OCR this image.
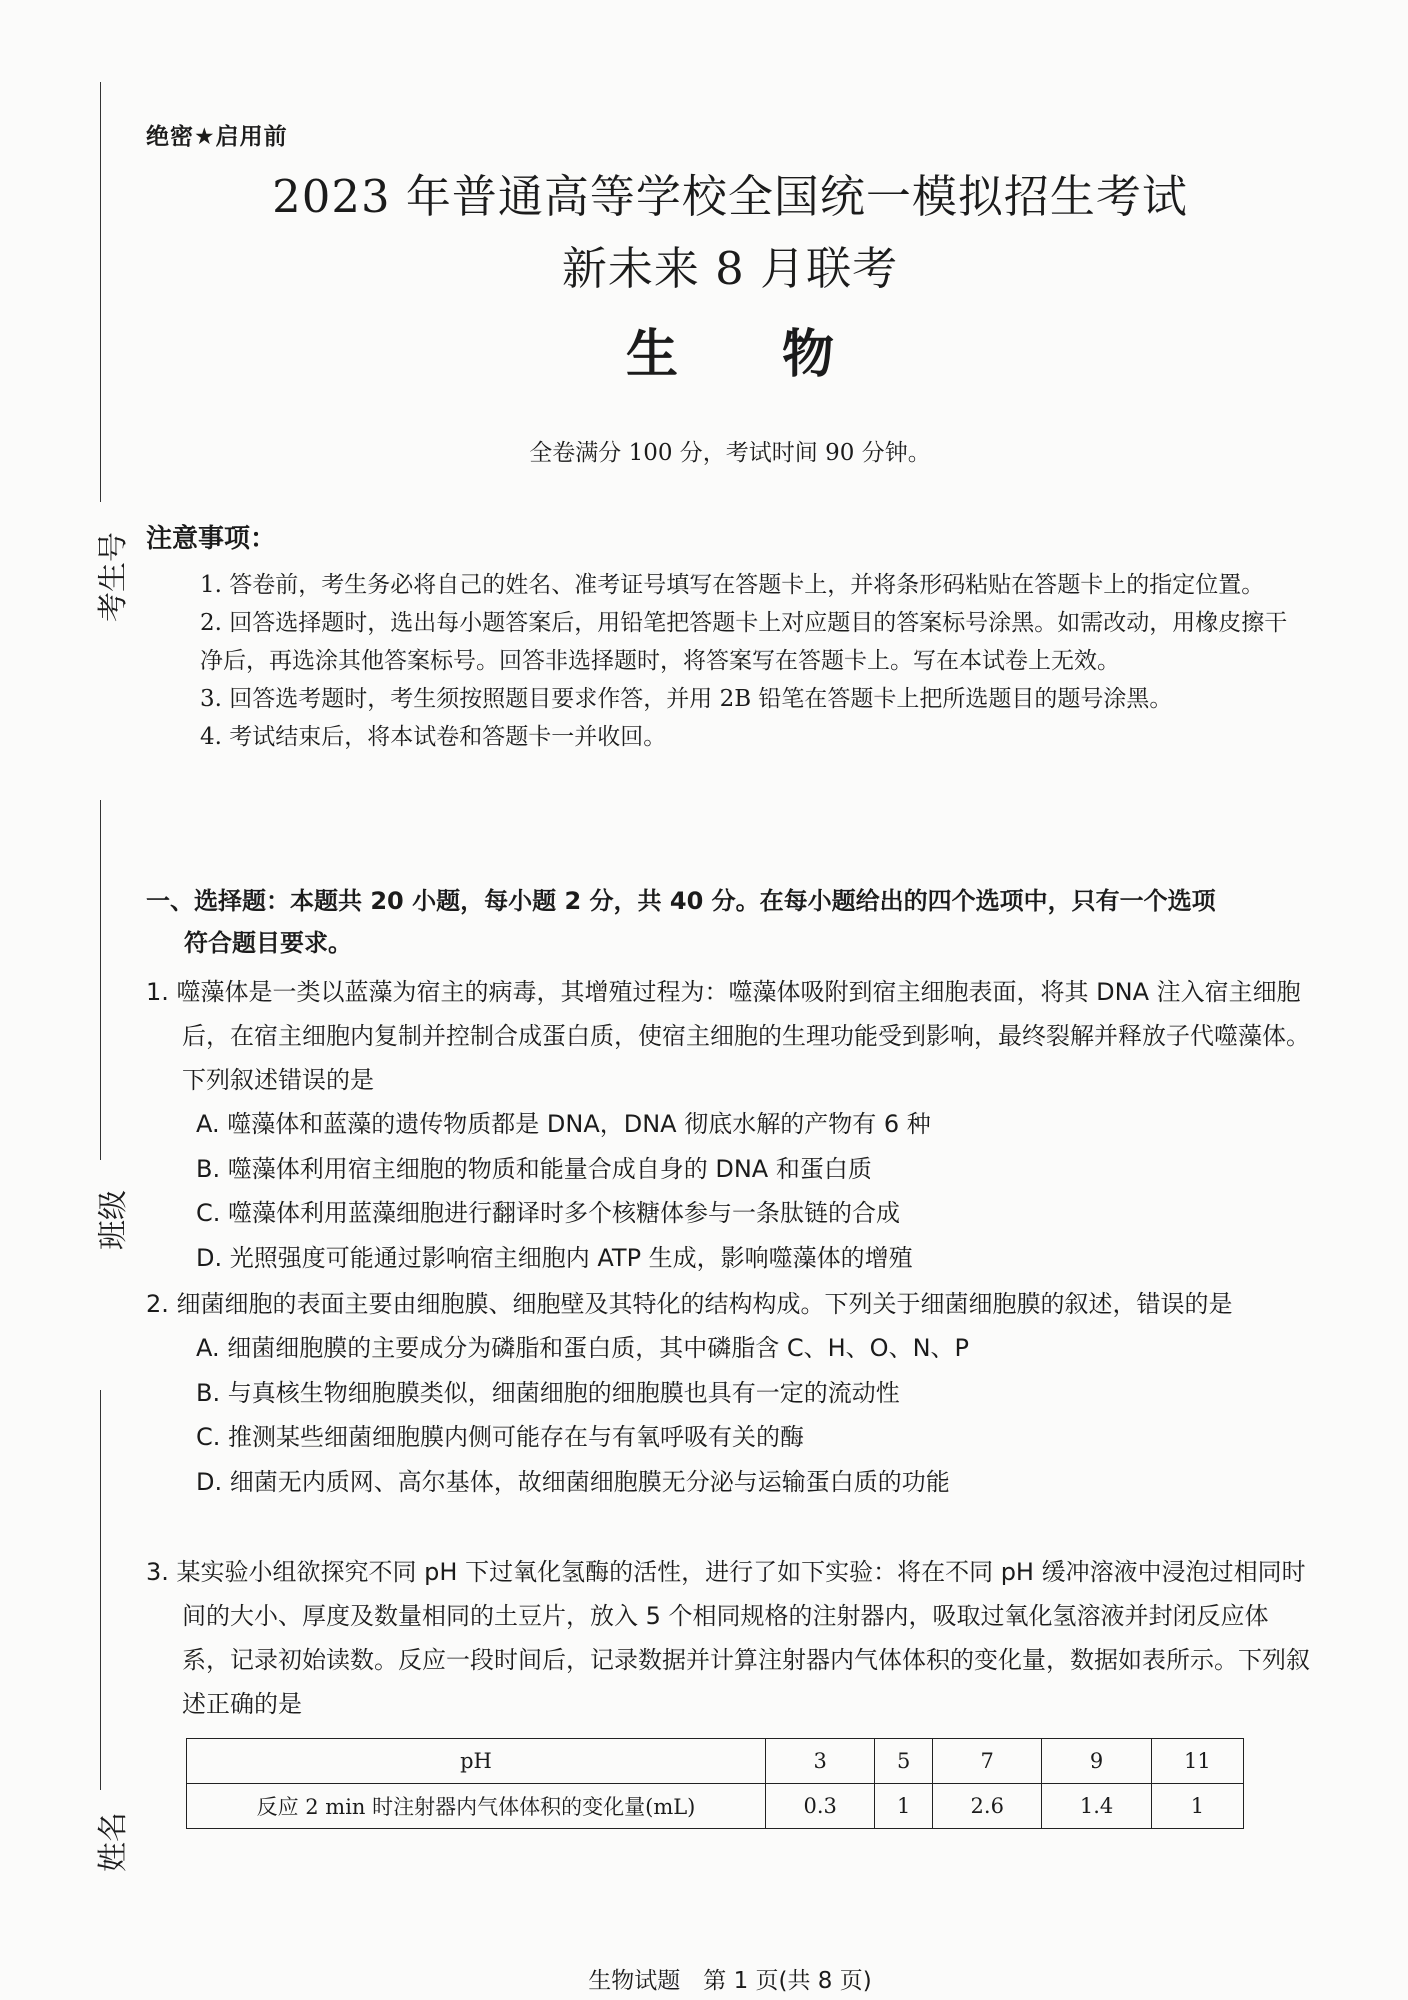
考生号
班级
姓名
绝密★启用前
2023 年普通高等学校全国统一模拟招生考试
新未来 8 月联考
生　　物
全卷满分 100 分，考试时间 90 分钟。
注意事项：
1. 答卷前，考生务必将自己的姓名、准考证号填写在答题卡上，并将条形码粘贴在答题卡上的指定位置。
2. 回答选择题时，选出每小题答案后，用铅笔把答题卡上对应题目的答案标号涂黑。如需改动，用橡皮擦干净后，再选涂其他答案标号。回答非选择题时，将答案写在答题卡上。写在本试卷上无效。
3. 回答选考题时，考生须按照题目要求作答，并用 2B 铅笔在答题卡上把所选题目的题号涂黑。
4. 考试结束后，将本试卷和答题卡一并收回。
一、选择题：本题共 20 小题，每小题 2 分，共 40 分。在每小题给出的四个选项中，只有一个选项
符合题目要求。
1. 噬藻体是一类以蓝藻为宿主的病毒，其增殖过程为：噬藻体吸附到宿主细胞表面，将其 DNA 注入宿主细胞后，在宿主细胞内复制并控制合成蛋白质，使宿主细胞的生理功能受到影响，最终裂解并释放子代噬藻体。下列叙述错误的是
A. 噬藻体和蓝藻的遗传物质都是 DNA，DNA 彻底水解的产物有 6 种
B. 噬藻体利用宿主细胞的物质和能量合成自身的 DNA 和蛋白质
C. 噬藻体利用蓝藻细胞进行翻译时多个核糖体参与一条肽链的合成
D. 光照强度可能通过影响宿主细胞内 ATP 生成，影响噬藻体的增殖
2. 细菌细胞的表面主要由细胞膜、细胞壁及其特化的结构构成。下列关于细菌细胞膜的叙述，错误的是
A. 细菌细胞膜的主要成分为磷脂和蛋白质，其中磷脂含 C、H、O、N、P
B. 与真核生物细胞膜类似，细菌细胞的细胞膜也具有一定的流动性
C. 推测某些细菌细胞膜内侧可能存在与有氧呼吸有关的酶
D. 细菌无内质网、高尔基体，故细菌细胞膜无分泌与运输蛋白质的功能
3. 某实验小组欲探究不同 pH 下过氧化氢酶的活性，进行了如下实验：将在不同 pH 缓冲溶液中浸泡过相同时间的大小、厚度及数量相同的土豆片，放入 5 个相同规格的注射器内，吸取过氧化氢溶液并封闭反应体系，记录初始读数。反应一段时间后，记录数据并计算注射器内气体体积的变化量，数据如表所示。下列叙述正确的是
pH	3	5	7	9	11
反应 2 min 时注射器内气体体积的变化量(mL)	0.3	1	2.6	1.4	1
生物试题　第 1 页(共 8 页)
